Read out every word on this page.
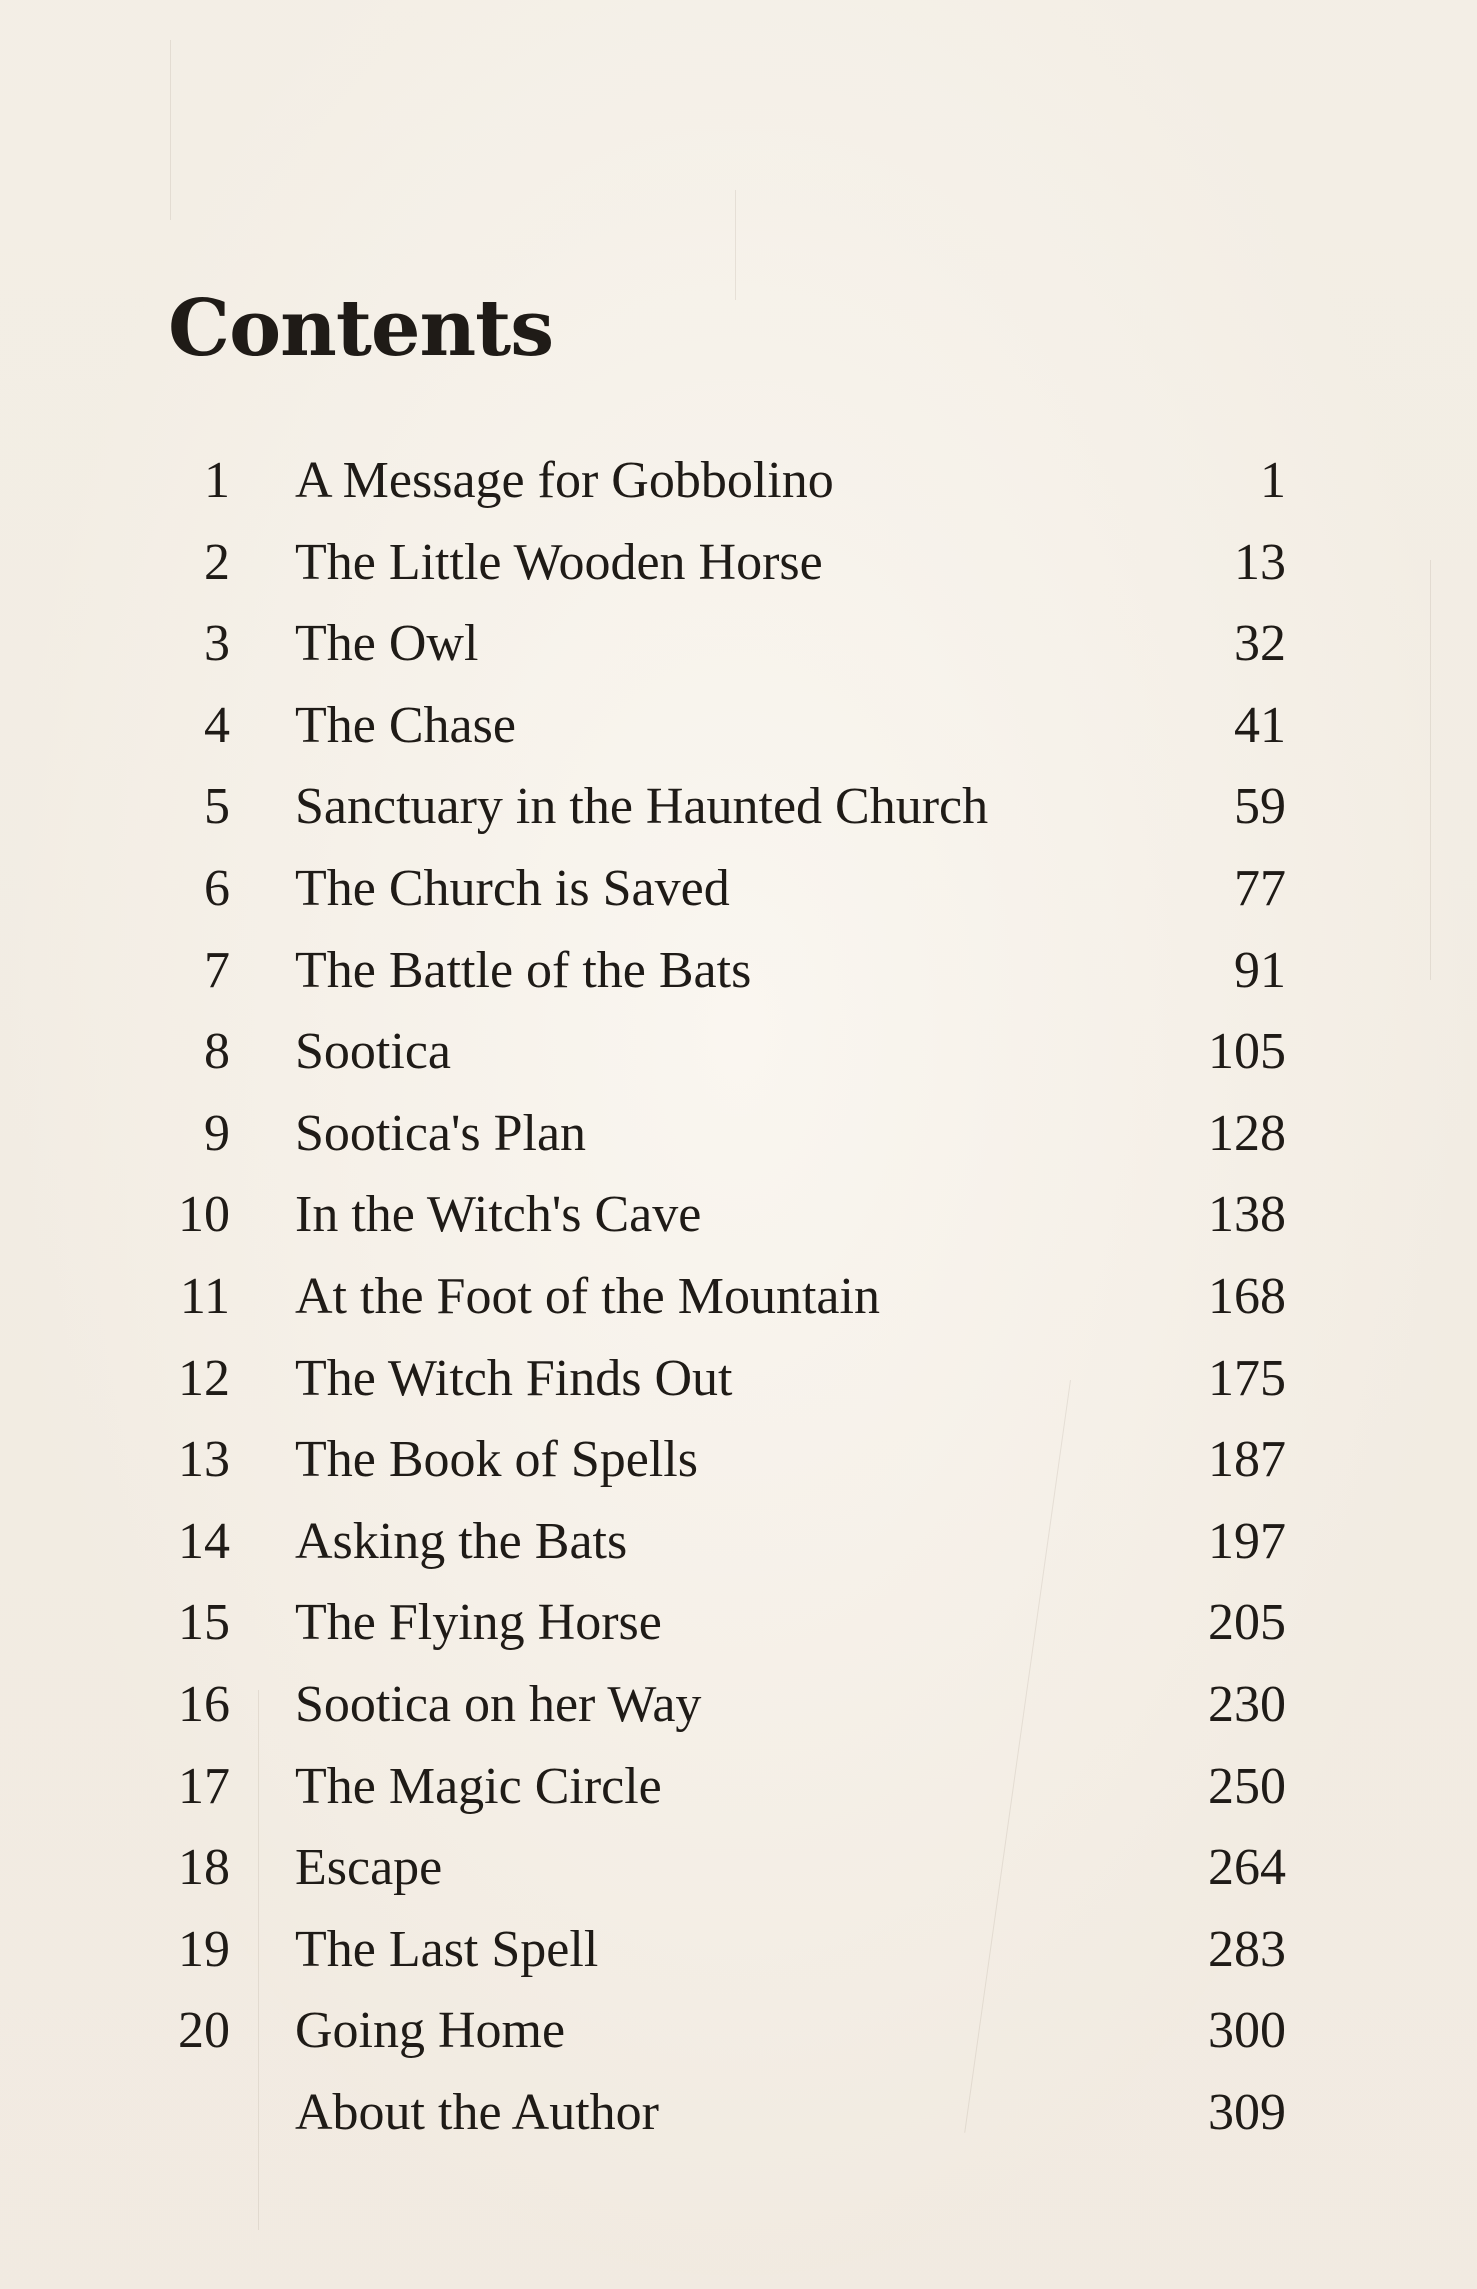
Contents
1 A Message for Gobbolino	1
2 The Little Wooden Horse	13
3 The Owl	32
4 The Chase	41
5 Sanctuary in the Haunted Church	59
6 The Church is Saved	77
7 The Battle of the Bats	91
8 Sootica	105
9 Sootica's Plan	128
10 In the Witch's Cave	138
11 At the Foot of the Mountain	168
12 The Witch Finds Out	175
13 The Book of Spells	187
14 Asking the Bats	197
15 The Flying Horse	205
16 Sootica on her Way	230
17 The Magic Circle	250
18 Escape	264
19 The Last Spell	283
20 Going Home	300
About the Author	309
